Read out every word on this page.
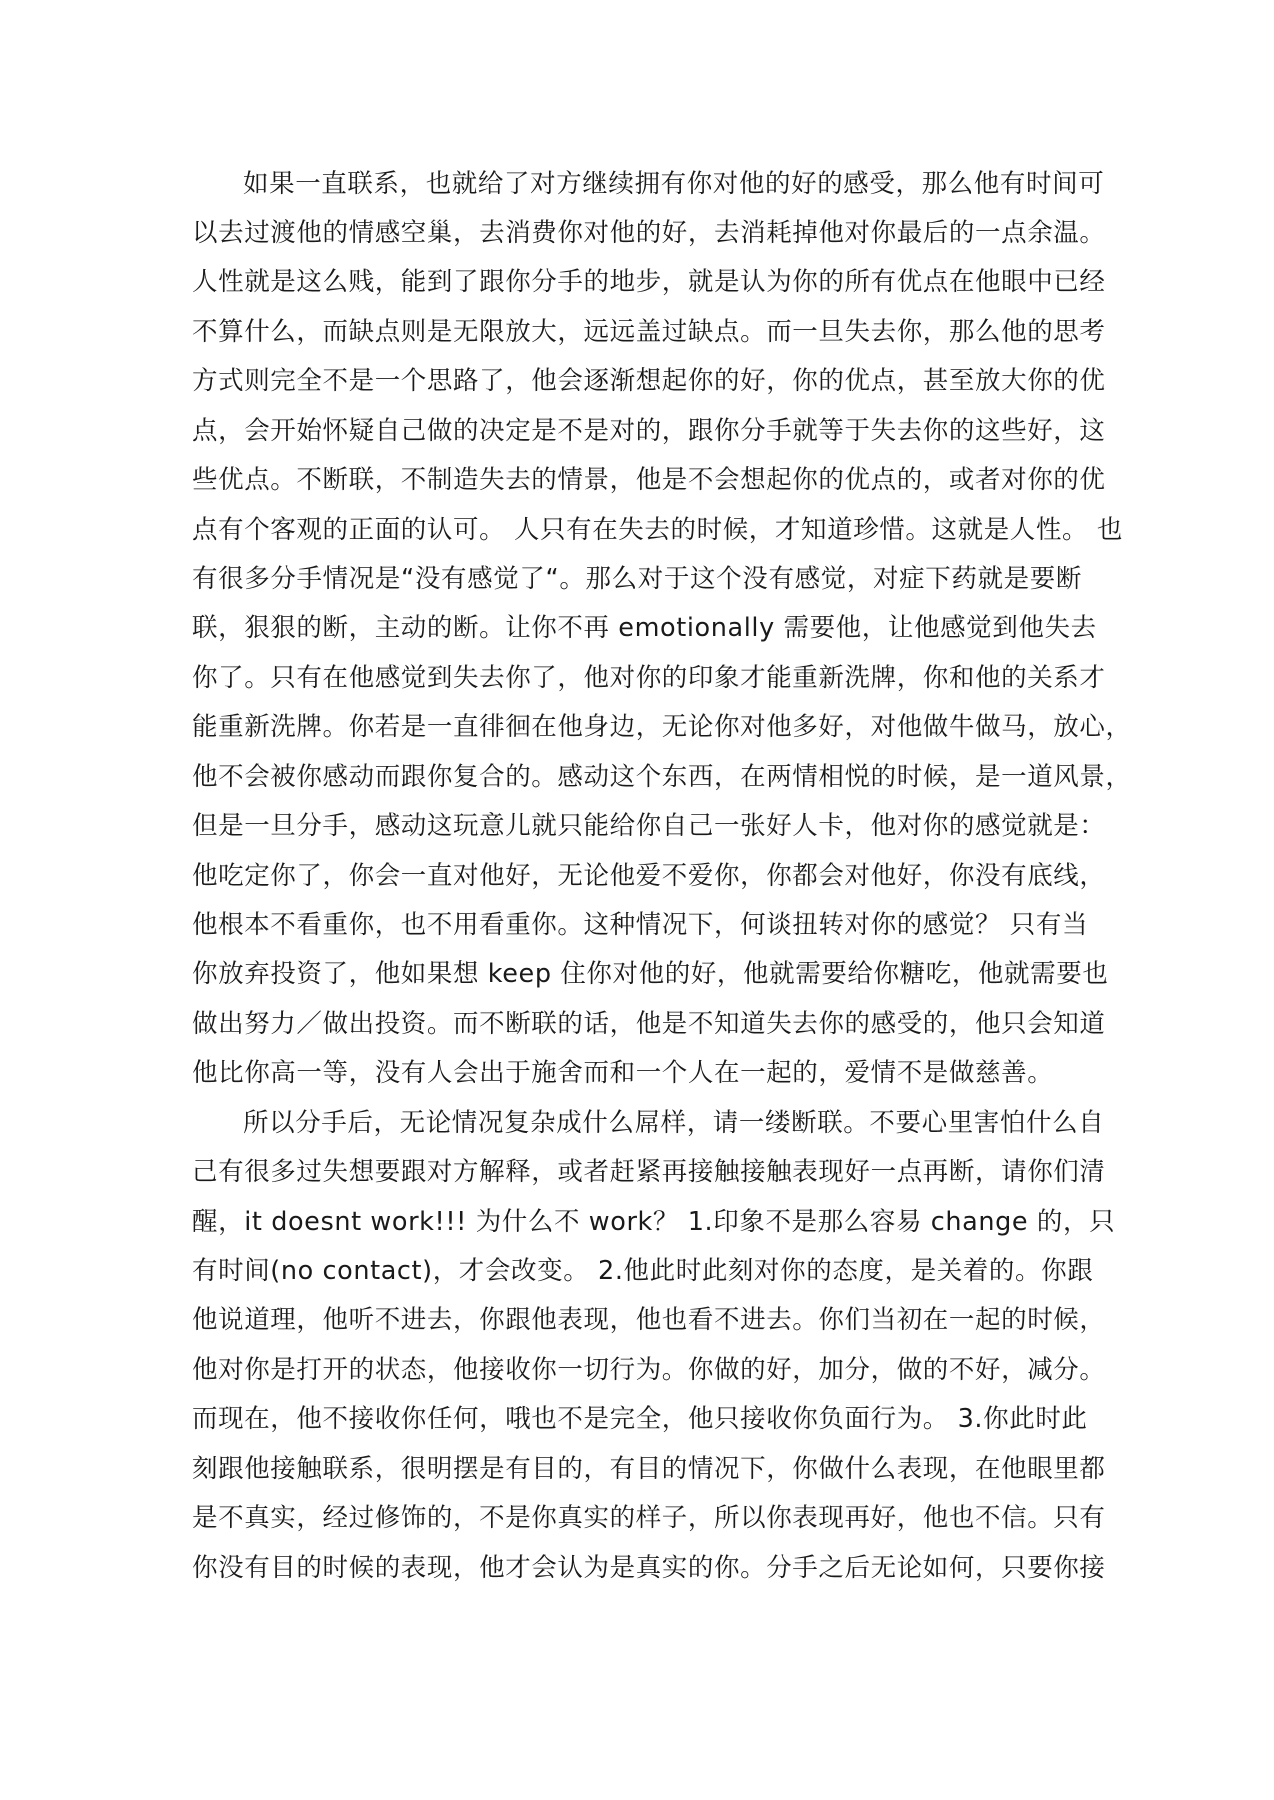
如果一直联系，也就给了对方继续拥有你对他的好的感受，那么他有时间可
以去过渡他的情感空巢，去消费你对他的好，去消耗掉他对你最后的一点余温。
人性就是这么贱，能到了跟你分手的地步，就是认为你的所有优点在他眼中已经
不算什么，而缺点则是无限放大，远远盖过缺点。而一旦失去你，那么他的思考
方式则完全不是一个思路了，他会逐渐想起你的好，你的优点，甚至放大你的优
点，会开始怀疑自己做的决定是不是对的，跟你分手就等于失去你的这些好，这
些优点。不断联，不制造失去的情景，他是不会想起你的优点的，或者对你的优
点有个客观的正面的认可。 人只有在失去的时候，才知道珍惜。这就是人性。 也
有很多分手情况是“没有感觉了“。那么对于这个没有感觉，对症下药就是要断
联，狠狠的断，主动的断。让你不再 emotionally 需要他，让他感觉到他失去
你了。只有在他感觉到失去你了，他对你的印象才能重新洗牌，你和他的关系才
能重新洗牌。你若是一直徘徊在他身边，无论你对他多好，对他做牛做马，放心，
他不会被你感动而跟你复合的。感动这个东西，在两情相悦的时候，是一道风景，
但是一旦分手，感动这玩意儿就只能给你自己一张好人卡，他对你的感觉就是：
他吃定你了，你会一直对他好，无论他爱不爱你，你都会对他好，你没有底线，
他根本不看重你，也不用看重你。这种情况下，何谈扭转对你的感觉？ 只有当
你放弃投资了，他如果想 keep 住你对他的好，他就需要给你糖吃，他就需要也
做出努力／做出投资。而不断联的话，他是不知道失去你的感受的，他只会知道
他比你高一等，没有人会出于施舍而和一个人在一起的，爱情不是做慈善。
所以分手后，无论情况复杂成什么屌样，请一缕断联。不要心里害怕什么自
己有很多过失想要跟对方解释，或者赶紧再接触接触表现好一点再断，请你们清
醒，it doesnt work!!! 为什么不 work？ 1.印象不是那么容易 change 的，只
有时间(no contact)，才会改变。 2.他此时此刻对你的态度，是关着的。你跟
他说道理，他听不进去，你跟他表现，他也看不进去。你们当初在一起的时候，
他对你是打开的状态，他接收你一切行为。你做的好，加分，做的不好，减分。
而现在，他不接收你任何，哦也不是完全，他只接收你负面行为。 3.你此时此
刻跟他接触联系，很明摆是有目的，有目的情况下，你做什么表现，在他眼里都
是不真实，经过修饰的，不是你真实的样子，所以你表现再好，他也不信。只有
你没有目的时候的表现，他才会认为是真实的你。分手之后无论如何，只要你接
